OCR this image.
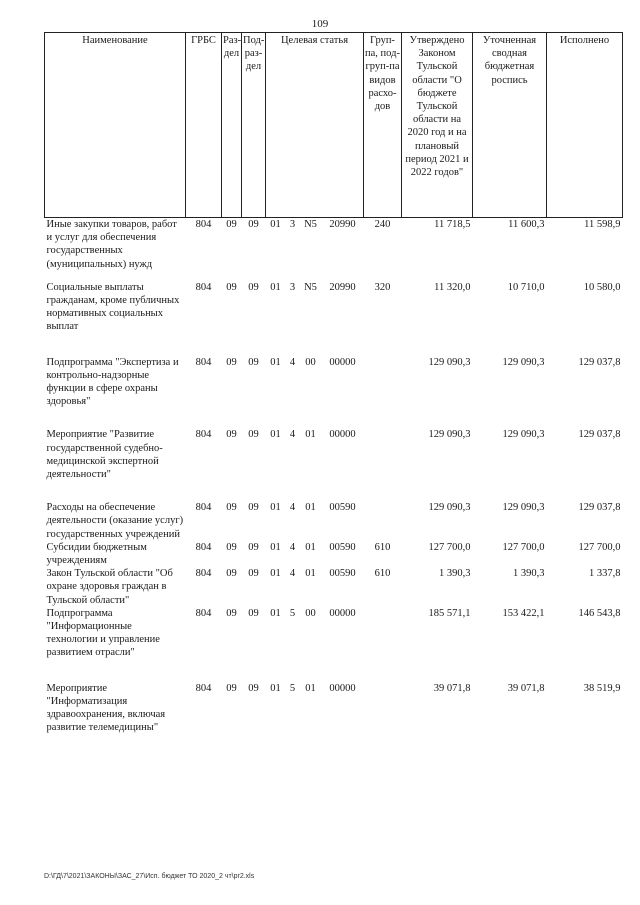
109
Наименование	ГРБС	Раз-дел	Под-раз-дел	Целевая статья				Груп-па, под-груп-па видов расхо-дов	Утверждено Законом Тульской области "О бюджете Тульской области на 2020 год и на плановый период 2021 и 2022 годов"	Уточненная сводная бюджетная роспись	Исполнено
Иные закупки товаров, работ и услуг для обеспечения государственных (муниципальных) нужд	804	09	09	01	3	N5	20990	240	11 718,5	11 600,3	11 598,9

Социальные выплаты гражданам, кроме публичных нормативных социальных выплат	804	09	09	01	3	N5	20990	320	11 320,0	10 710,0	10 580,0

Подпрограмма "Экспертиза и контрольно-надзорные функции в сфере охраны здоровья"	804	09	09	01	4	00	00000		129 090,3	129 090,3	129 037,8

Мероприятие "Развитие государственной судебно-медицинской экспертной деятельности"	804	09	09	01	4	01	00000		129 090,3	129 090,3	129 037,8

Расходы на обеспечение деятельности (оказание услуг) государственных учреждений	804	09	09	01	4	01	00590		129 090,3	129 090,3	129 037,8

Субсидии бюджетным учреждениям	804	09	09	01	4	01	00590	610	127 700,0	127 700,0	127 700,0

Закон Тульской области "Об охране здоровья граждан в Тульской области"	804	09	09	01	4	01	00590	610	1 390,3	1 390,3	1 337,8

Подпрограмма "Информационные технологии и управление развитием отрасли"	804	09	09	01	5	00	00000		185 571,1	153 422,1	146 543,8

Мероприятие "Информатизация здравоохранения, включая развитие телемедицины"	804	09	09	01	5	01	00000		39 071,8	39 071,8	38 519,9
D:\ГД\7\2021\ЗАКОНЫ\ЗАС_27\Исп. бюджет ТО 2020_2 чт\pr2.xls
